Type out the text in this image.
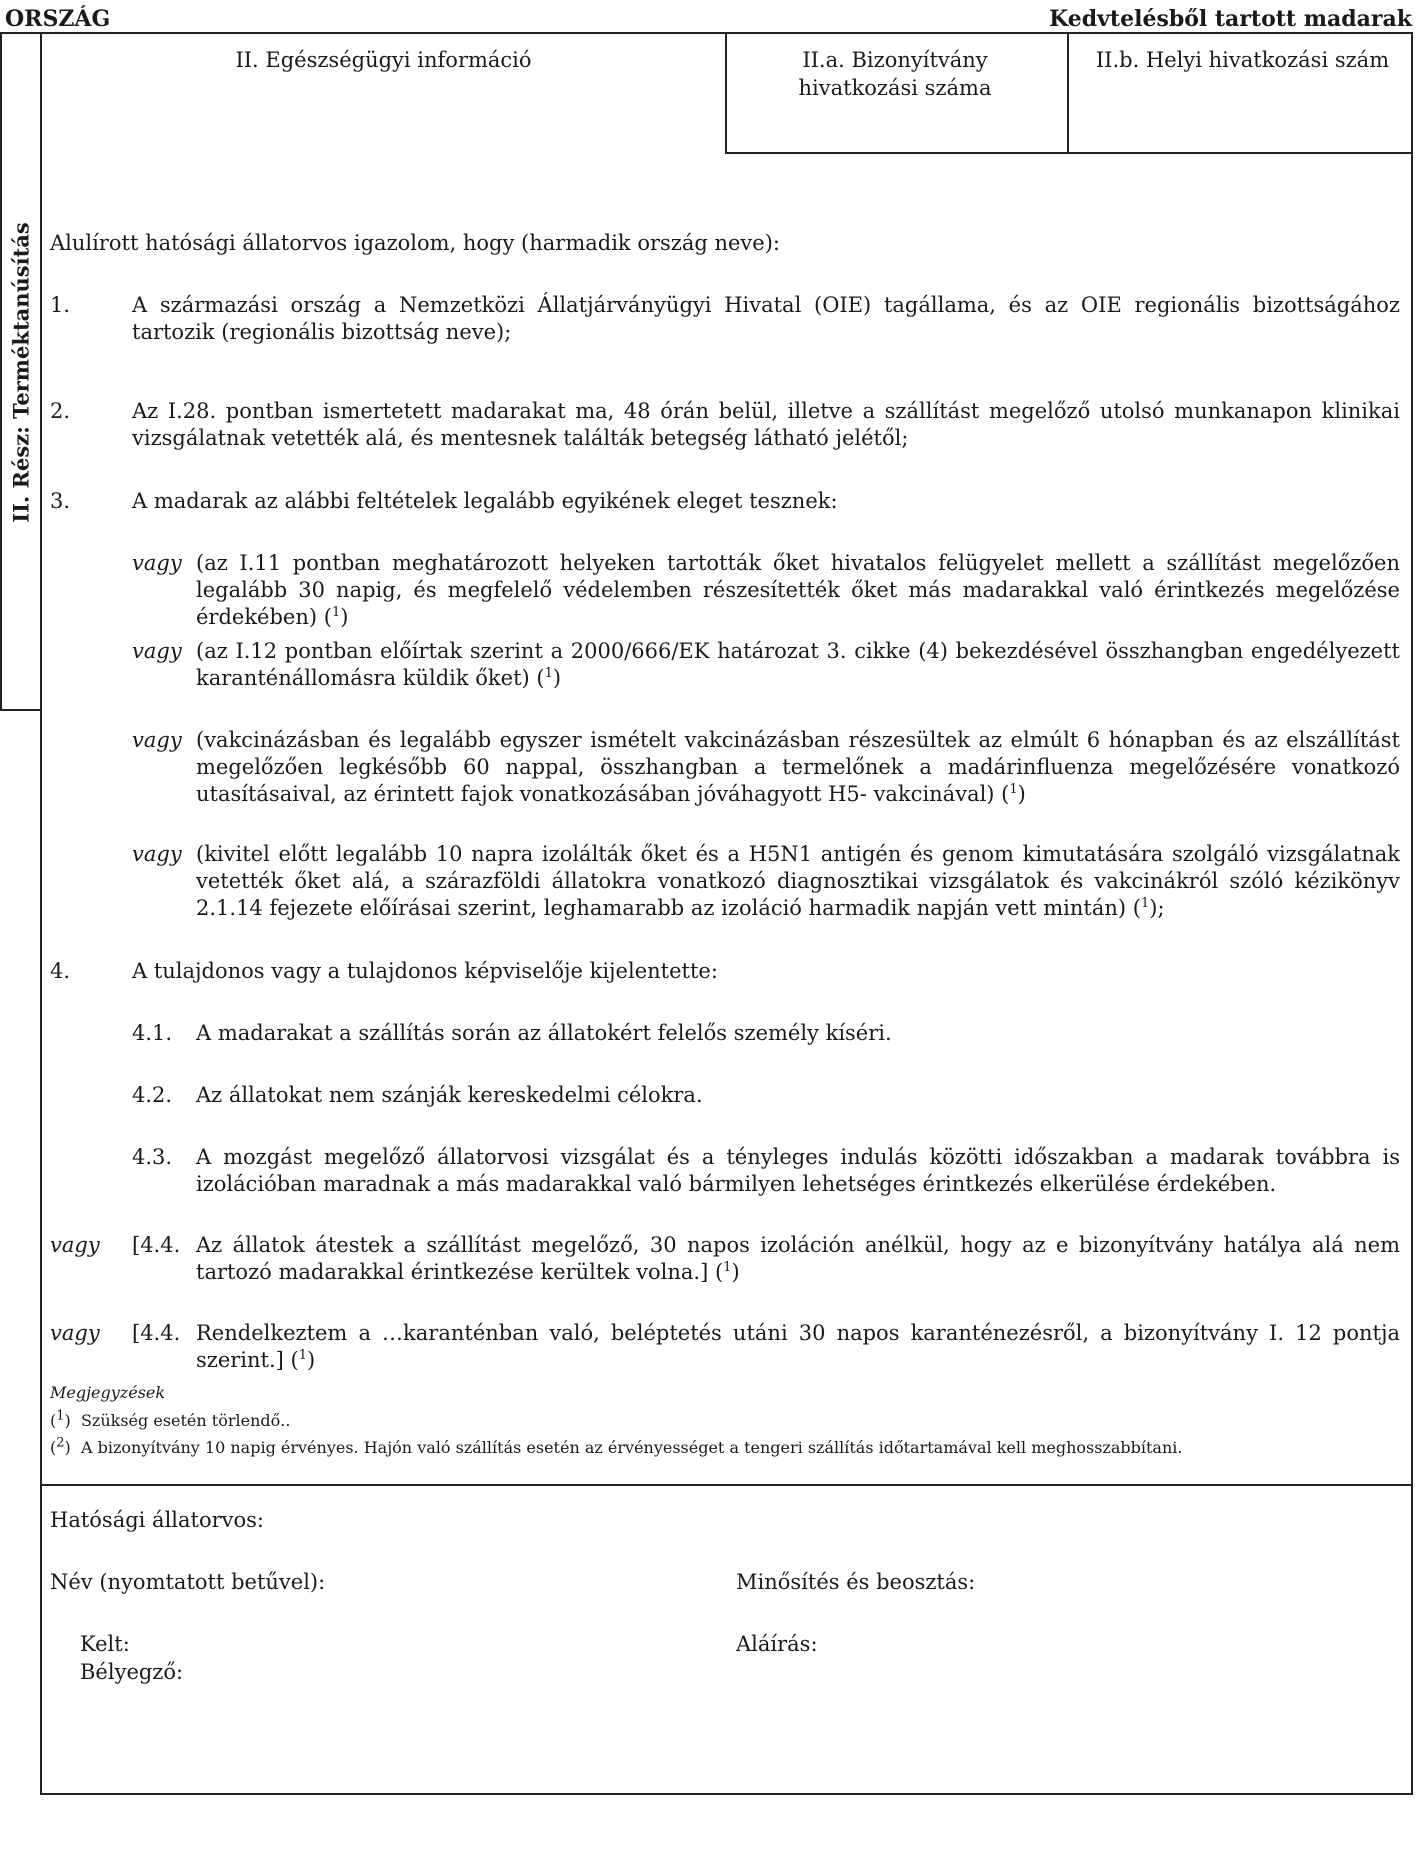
ORSZÁG	Kedvtelésből tartott madarak
II. Egészségügyi információ	II.a. Bizonyítvány hivatkozási száma
II.b. Helyi hivatkozási szám
II. Rész: Terméktanúsítás Alulírott hatósági állatorvos igazolom, hogy (harmadik ország neve):
1.	A származási ország a Nemzetközi Állatjárványügyi Hivatal (OIE) tagállama, és az OIE regionális bizottságához tartozik (regionális bizottság neve);
2.	Az I.28. pontban ismertetett madarakat ma, 48 órán belül, illetve a szállítást megelőző utolsó munkanapon klinikai vizsgálatnak vetették alá, és mentesnek találták betegség látható jelétől;
3.	A madarak az alábbi feltételek legalább egyikének eleget tesznek:
vagy (az I.11 pontban meghatározott helyeken tartották őket hivatalos felügyelet mellett a szállítást megelőzően legalább 30 napig, és megfelelő védelemben részesítették őket más madarakkal való érintkezés megelőzése érdekében) ($^1$)
vagy (az I.12 pontban előírtak szerint a 2000/666/EK határozat 3. cikke (4) bekezdésével összhangban engedélyezett karanténállomásra küldik őket) ($^1$)
vagy (vakcinázásban és legalább egyszer ismételt vakcinázásban részesültek az elmúlt 6 hónapban és az elszállítást megelőzően legkésőbb 60 nappal, összhangban a termelőnek a madárinfluenza megelőzésére vonatkozó utasításaival, az érintett fajok vonatkozásában jóváhagyott H5- vakcinával) ($^1$)
vagy (kivitel előtt legalább 10 napra izolálták őket és a H5N1 antigén és genom kimutatására szolgáló vizsgálatnak vetették őket alá, a szárazföldi állatokra vonatkozó diagnosztikai vizsgálatok és vakcinákról szóló kézikönyv 2.1.14 fejezete előírásai szerint, leghamarabb az izoláció harmadik napján vett mintán) ($^1$);
4.	A tulajdonos vagy a tulajdonos képviselője kijelentette:
4.1. A madarakat a szállítás során az állatokért felelős személy kíséri.
4.2. Az állatokat nem szánják kereskedelmi célokra.
4.3. A mozgást megelőző állatorvosi vizsgálat és a tényleges indulás közötti időszakban a madarak továbbra is izolációban maradnak a más madarakkal való bármilyen lehetséges érintkezés elkerülése érdekében.
vagy [4.4. Az állatok átestek a szállítást megelőző, 30 napos izoláción anélkül, hogy az e bizonyítvány hatálya alá nem tartozó madarakkal érintkezése kerültek volna.] ($^1$)
vagy [4.4. Rendelkeztem a …karanténban való, beléptetés utáni 30 napos karanténezésről, a bizonyítvány I. 12 pontja szerint.] ($^1$)
Megjegyzések
($^1$)  Szükség esetén törlendő..
($^2$)  A bizonyítvány 10 napig érvényes. Hajón való szállítás esetén az érvényességet a tengeri szállítás időtartamával kell meghosszabbítani.
Hatósági állatorvos:
Név (nyomtatott betűvel):	Minősítés és beosztás:
Kelt:	Aláírás:
Bélyegző:
